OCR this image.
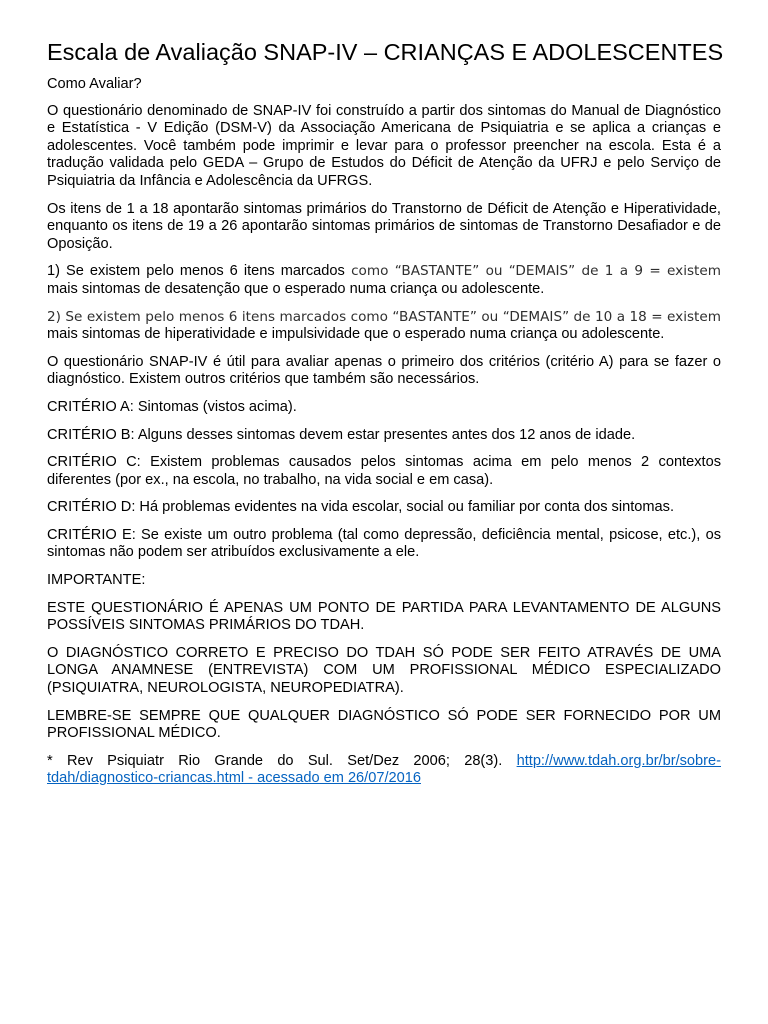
Escala de Avaliação SNAP-IV – CRIANÇAS E ADOLESCENTES

Como Avaliar?

O questionário denominado de SNAP-IV foi construído a partir dos sintomas do Manual de Diagnóstico e Estatística - V Edição (DSM-V) da Associação Americana de Psiquiatria e se aplica a crianças e adolescentes. Você também pode imprimir e levar para o professor preencher na escola. Esta é a tradução validada pelo GEDA – Grupo de Estudos do Déficit de Atenção da UFRJ e pelo Serviço de Psiquiatria da Infância e Adolescência da UFRGS.

Os itens de 1 a 18 apontarão sintomas primários do Transtorno de Déficit de Atenção e Hiperatividade, enquanto os itens de 19 a 26 apontarão sintomas primários de sintomas de Transtorno Desafiador e de Oposição.

1) Se existem pelo menos 6 itens marcados como “BASTANTE” ou “DEMAIS” de 1 a 9 = existem mais sintomas de desatenção que o esperado numa criança ou adolescente.

2) Se existem pelo menos 6 itens marcados como “BASTANTE” ou “DEMAIS” de 10 a 18 = existem mais sintomas de hiperatividade e impulsividade que o esperado numa criança ou adolescente.

O questionário SNAP-IV é útil para avaliar apenas o primeiro dos critérios (critério A) para se fazer o diagnóstico. Existem outros critérios que também são necessários.

CRITÉRIO A: Sintomas (vistos acima).

CRITÉRIO B: Alguns desses sintomas devem estar presentes antes dos 12 anos de idade.

CRITÉRIO C: Existem problemas causados pelos sintomas acima em pelo menos 2 contextos diferentes (por ex., na escola, no trabalho, na vida social e em casa).

CRITÉRIO D: Há problemas evidentes na vida escolar, social ou familiar por conta dos sintomas.

CRITÉRIO E: Se existe um outro problema (tal como depressão, deficiência mental, psicose, etc.), os sintomas não podem ser atribuídos exclusivamente a ele.

IMPORTANTE:

ESTE QUESTIONÁRIO É APENAS UM PONTO DE PARTIDA PARA LEVANTAMENTO DE ALGUNS POSSÍVEIS SINTOMAS PRIMÁRIOS DO TDAH.

O DIAGNÓSTICO CORRETO E PRECISO DO TDAH SÓ PODE SER FEITO ATRAVÉS DE UMA LONGA ANAMNESE (ENTREVISTA) COM UM PROFISSIONAL MÉDICO ESPECIALIZADO (PSIQUIATRA, NEUROLOGISTA, NEUROPEDIATRA).

LEMBRE-SE SEMPRE QUE QUALQUER DIAGNÓSTICO SÓ PODE SER FORNECIDO POR UM PROFISSIONAL MÉDICO.

* Rev Psiquiatr Rio Grande do Sul. Set/Dez 2006; 28(3). http://www.tdah.org.br/br/sobre-tdah/diagnostico-criancas.html - acessado em 26/07/2016
